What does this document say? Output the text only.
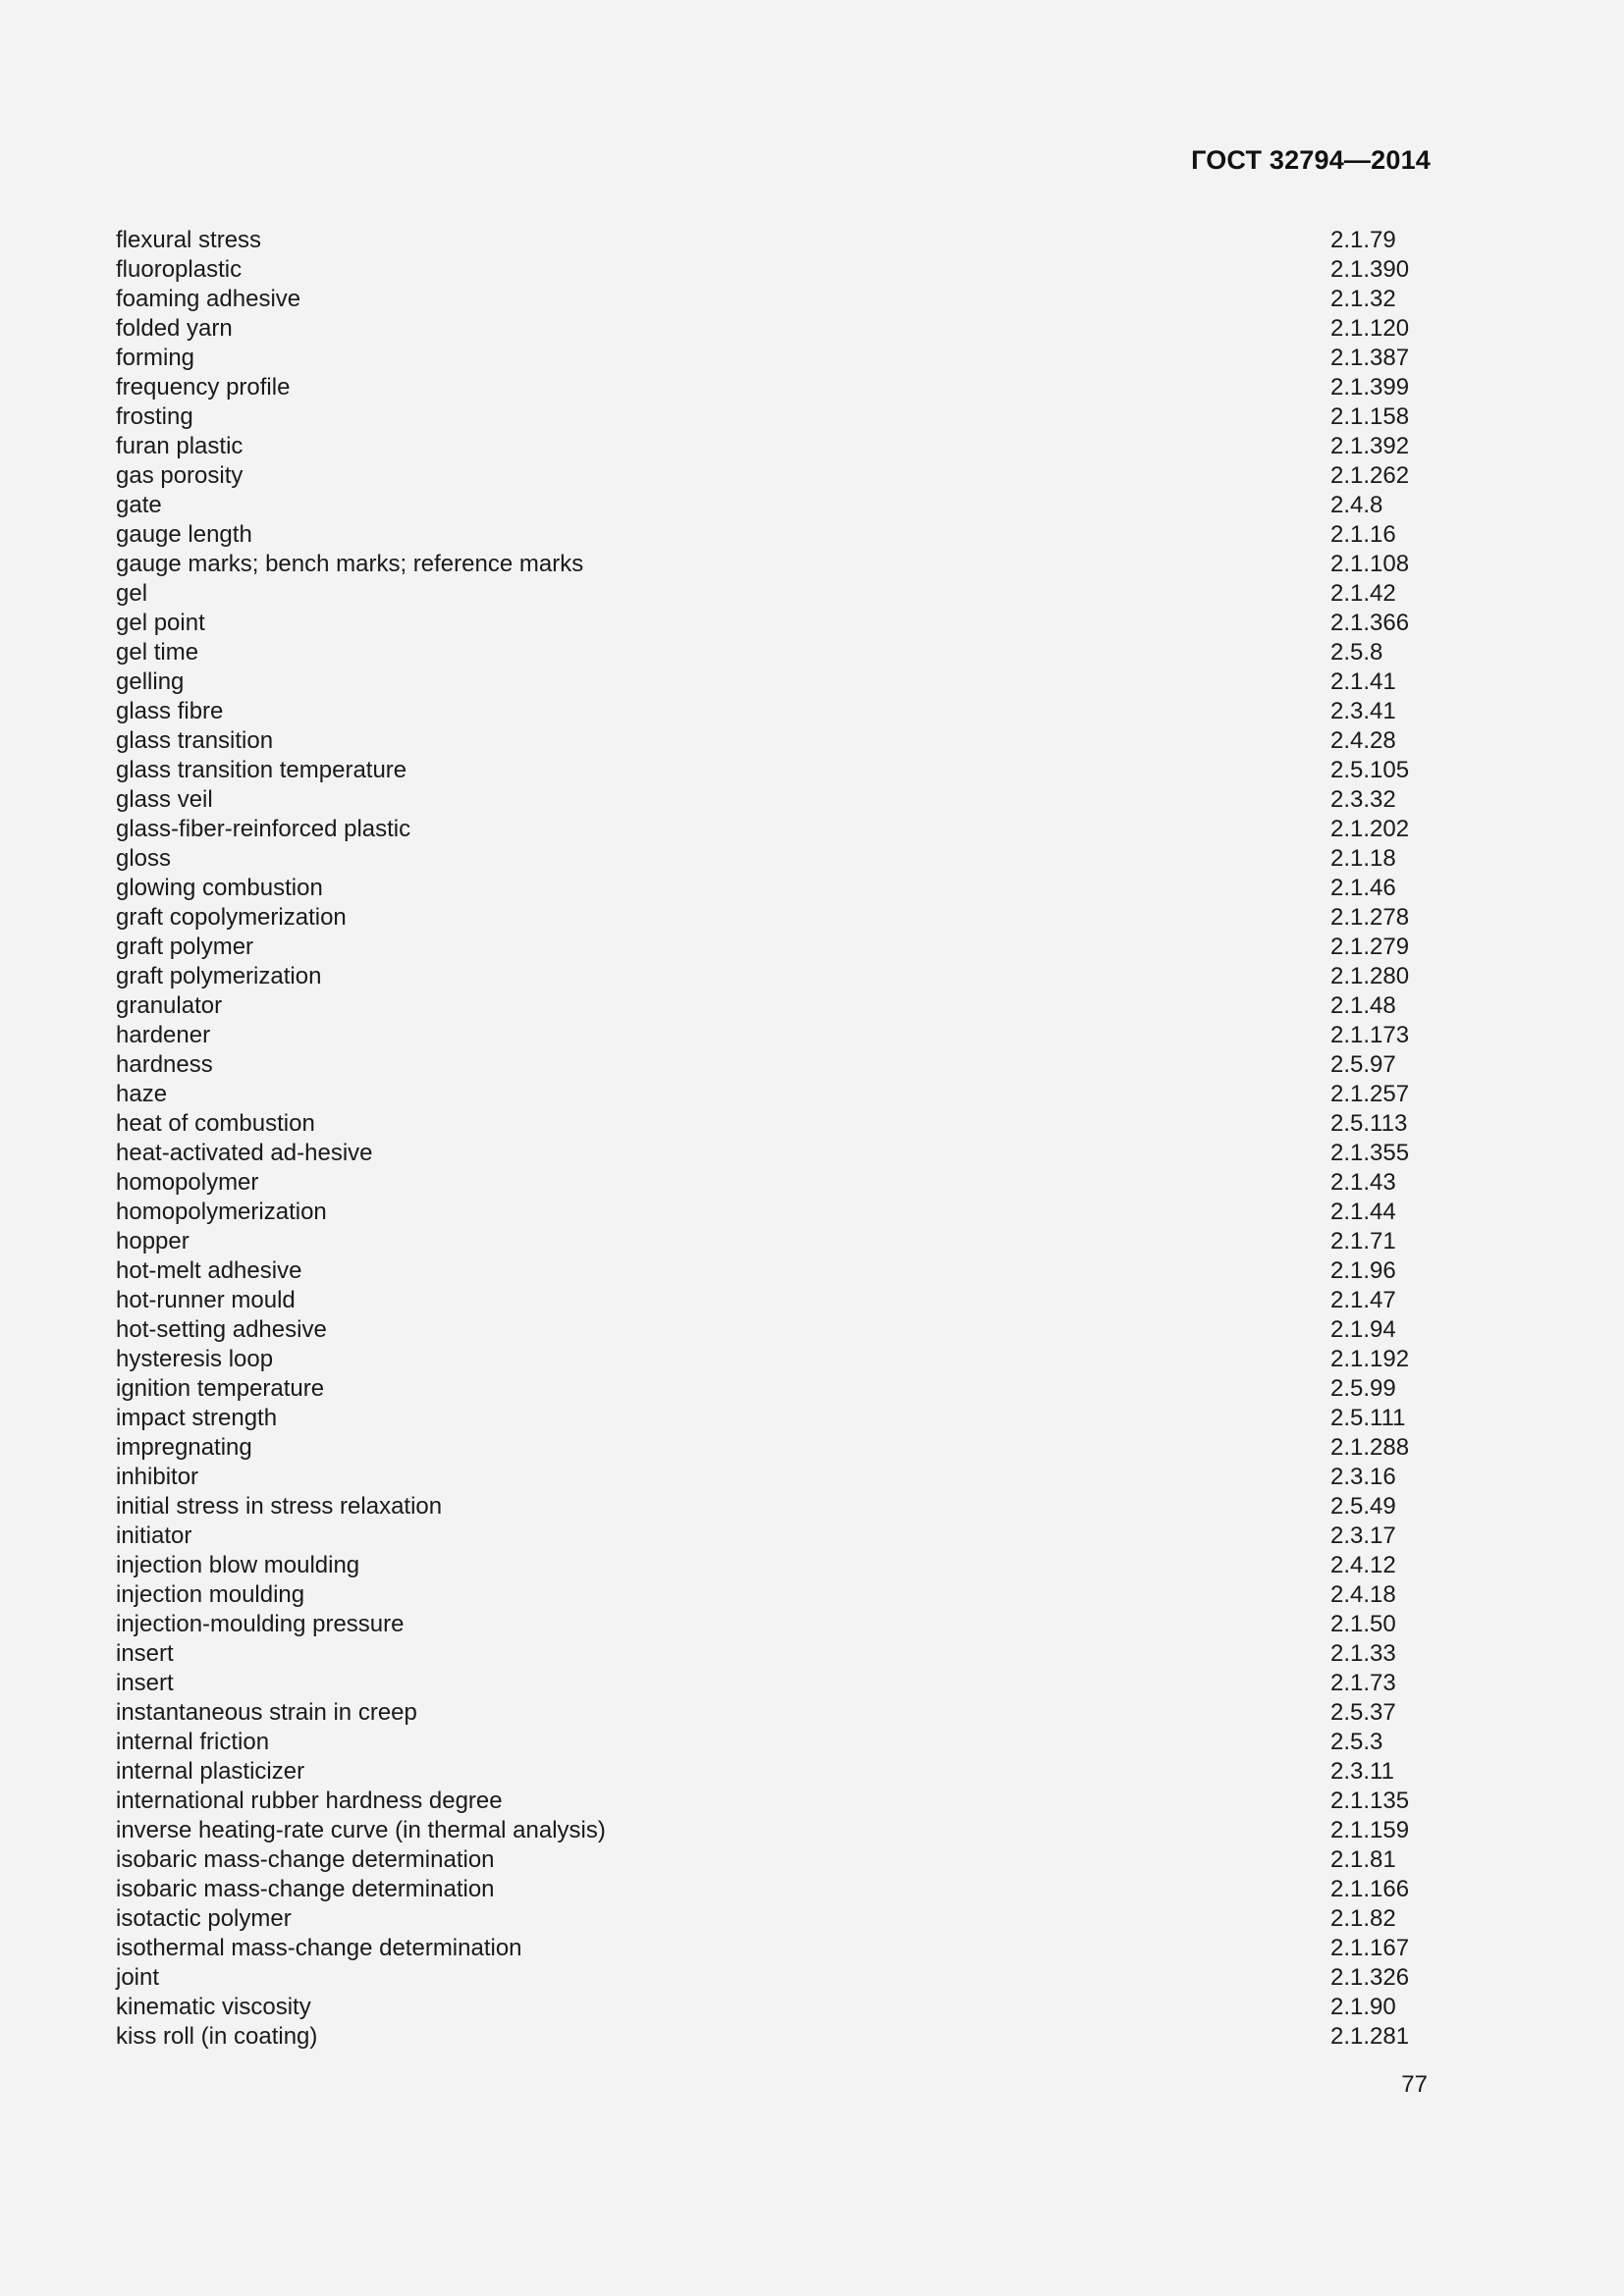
ГОСТ 32794—2014
flexural stress	2.1.79
fluoroplastic	2.1.390
foaming adhesive	2.1.32
folded yarn	2.1.120
forming	2.1.387
frequency profile	2.1.399
frosting	2.1.158
furan plastic	2.1.392
gas porosity	2.1.262
gate	2.4.8
gauge length	2.1.16
gauge marks; bench marks; reference marks	2.1.108
gel	2.1.42
gel point	2.1.366
gel time	2.5.8
gelling	2.1.41
glass fibre	2.3.41
glass transition	2.4.28
glass transition temperature	2.5.105
glass veil	2.3.32
glass-fiber-reinforced plastic	2.1.202
gloss	2.1.18
glowing combustion	2.1.46
graft copolymerization	2.1.278
graft polymer	2.1.279
graft polymerization	2.1.280
granulator	2.1.48
hardener	2.1.173
hardness	2.5.97
haze	2.1.257
heat of combustion	2.5.113
heat-activated ad-hesive	2.1.355
homopolymer	2.1.43
homopolymerization	2.1.44
hopper	2.1.71
hot-melt adhesive	2.1.96
hot-runner mould	2.1.47
hot-setting adhesive	2.1.94
hysteresis loop	2.1.192
ignition temperature	2.5.99
impact strength	2.5.111
impregnating	2.1.288
inhibitor	2.3.16
initial stress in stress relaxation	2.5.49
initiator	2.3.17
injection blow moulding	2.4.12
injection moulding	2.4.18
injection-moulding pressure	2.1.50
insert	2.1.33
insert	2.1.73
instantaneous strain in creep	2.5.37
internal friction	2.5.3
internal plasticizer	2.3.11
international rubber hardness degree	2.1.135
inverse heating-rate curve (in thermal analysis)	2.1.159
isobaric mass-change determination	2.1.81
isobaric mass-change determination	2.1.166
isotactic polymer	2.1.82
isothermal mass-change determination	2.1.167
joint	2.1.326
kinematic viscosity	2.1.90
kiss roll (in coating)	2.1.281
77
